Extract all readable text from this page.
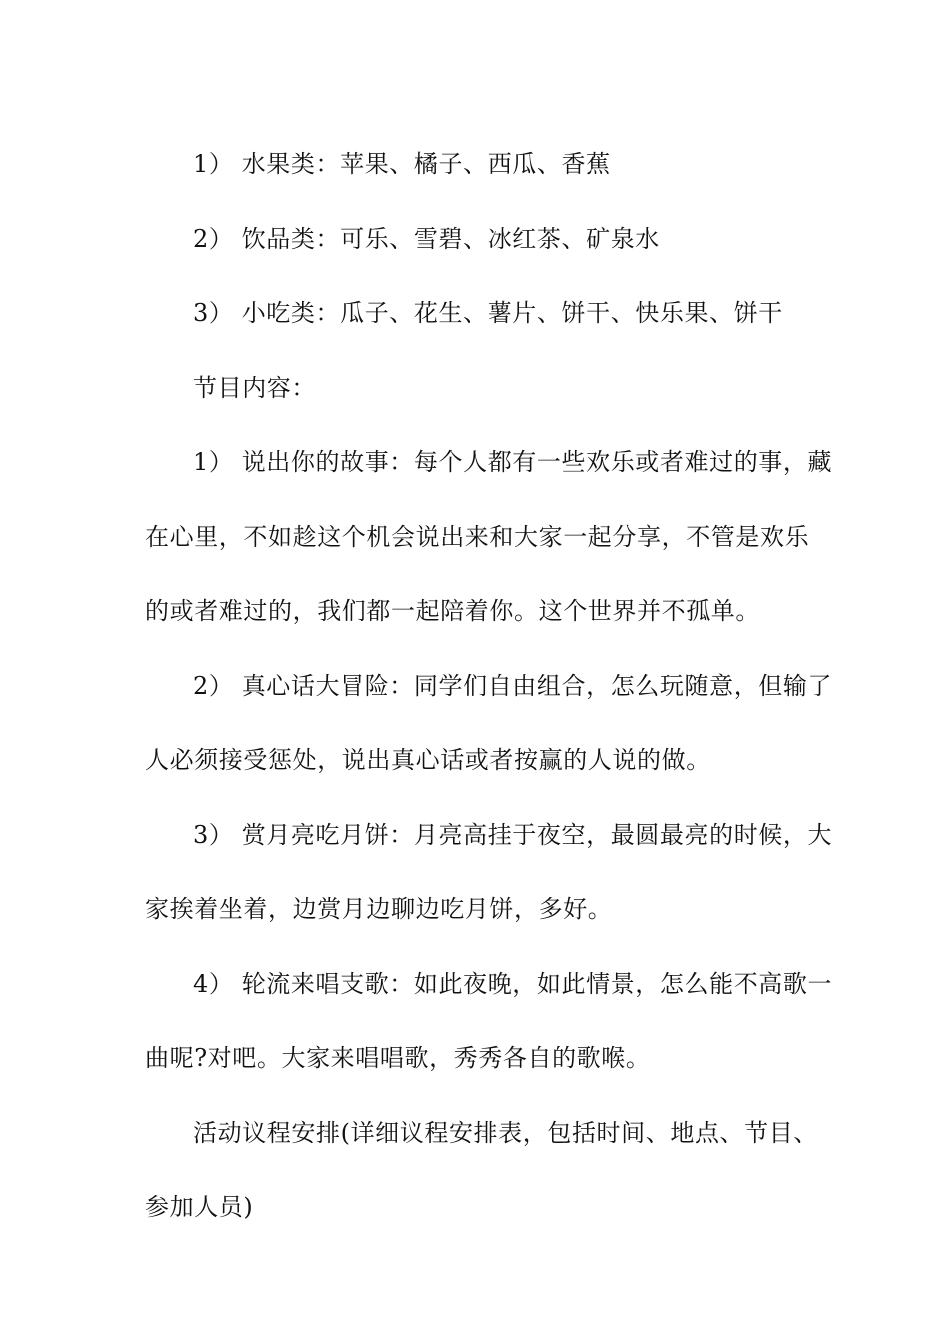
1） 水果类：苹果、橘子、西瓜、香蕉
2） 饮品类：可乐、雪碧、冰红茶、矿泉水
3） 小吃类：瓜子、花生、薯片、饼干、快乐果、饼干
节目内容：
1） 说出你的故事：每个人都有一些欢乐或者难过的事，藏
在心里，不如趁这个机会说出来和大家一起分享，不管是欢乐
的或者难过的，我们都一起陪着你。这个世界并不孤单。
2） 真心话大冒险：同学们自由组合，怎么玩随意，但输了
人必须接受惩处，说出真心话或者按赢的人说的做。
3） 赏月亮吃月饼：月亮高挂于夜空，最圆最亮的时候，大
家挨着坐着，边赏月边聊边吃月饼，多好。
4） 轮流来唱支歌：如此夜晚，如此情景，怎么能不高歌一
曲呢?对吧。大家来唱唱歌，秀秀各自的歌喉。
活动议程安排(详细议程安排表，包括时间、地点、节目、
参加人员)
